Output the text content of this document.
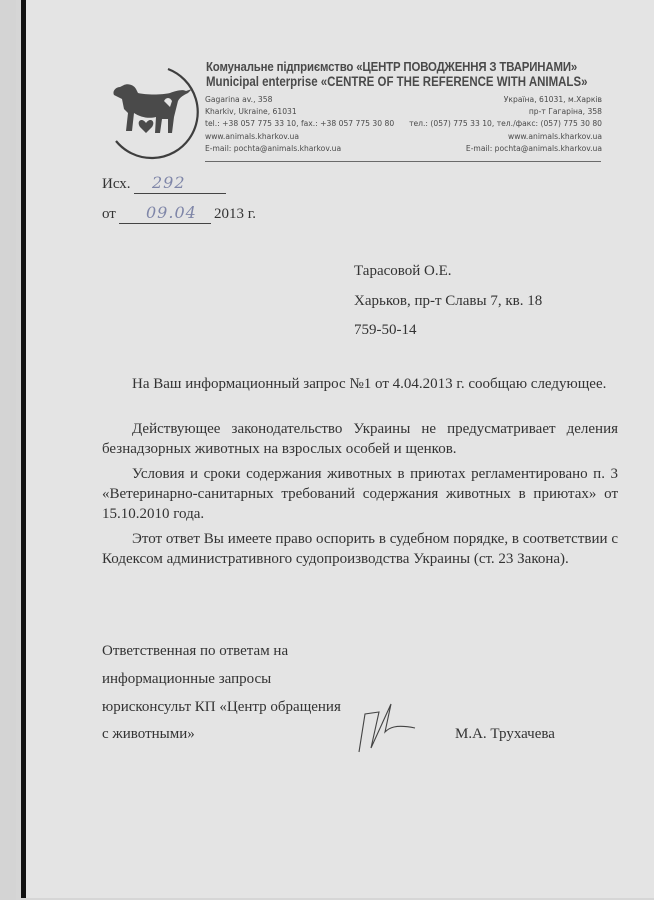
Комунальне підприємство «ЦЕНТР ПОВОДЖЕННЯ З ТВАРИНАМИ»
Municipal enterprise «CENTRE OF THE REFERENCE WITH ANIMALS»
Gagarina av., 358
Kharkiv, Ukraine, 61031
tel.: +38 057 775 33 10, fax.: +38 057 775 30 80
www.animals.kharkov.ua
E-mail: pochta@animals.kharkov.ua
Україна, 61031, м.Харків
пр-т Гагаріна, 358
тел.: (057) 775 33 10, тел./факс: (057) 775 30 80
www.animals.kharkov.ua
E-mail: pochta@animals.kharkov.ua
Исх. 292
от 09.04 2013 г.
Тарасовой О.Е.
Харьков, пр-т Славы 7, кв. 18
759-50-14
На Ваш информационный запрос №1 от 4.04.2013 г. сообщаю следующее.
Действующее законодательство Украины не предусматривает деления безнадзорных животных на взрослых особей и щенков.
Условия и сроки содержания животных в приютах регламентировано п. 3 «Ветеринарно-санитарных требований содержания животных в приютах» от 15.10.2010 года.
Этот ответ Вы имеете право оспорить в судебном порядке, в соответствии с Кодексом административного судопроизводства Украины (ст. 23 Закона).
Ответственная по ответам на
информационные запросы
юрисконсульт КП «Центр обращения
с животными»	М.А. Трухачева
